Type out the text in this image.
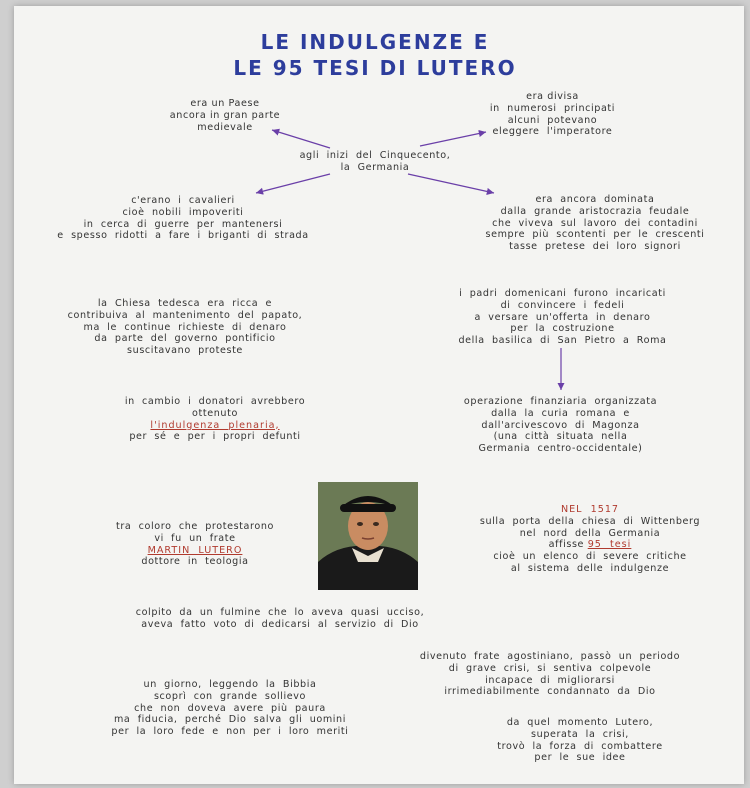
LE INDULGENZE E
LE 95 TESI DI LUTERO
agli  inizi  del  Cinquecento,
la  Germania
era un Paese
ancora in gran parte
medievale
era divisa
in  numerosi  principati
alcuni  potevano
eleggere  l'imperatore
c'erano  i  cavalieri
cioè  nobili  impoveriti
in  cerca  di  guerre  per  mantenersi
e  spesso  ridotti  a  fare  i  briganti  di  strada
era  ancora  dominata
dalla  grande  aristocrazia  feudale
che  viveva  sul  lavoro  dei  contadini
sempre  più  scontenti  per  le  crescenti
tasse  pretese  dei  loro  signori
la  Chiesa  tedesca  era  ricca  e
contribuiva  al  mantenimento  del  papato,
ma  le  continue  richieste  di  denaro
da  parte  del  governo  pontificio
suscitavano  proteste
i  padri  domenicani  furono  incaricati
di  convincere  i  fedeli
a  versare  un'offerta  in  denaro
per  la  costruzione
della  basilica  di  San  Pietro  a  Roma
in  cambio  i  donatori  avrebbero
ottenuto
l'indulgenza  plenaria,
per  sé  e  per  i  propri  defunti
operazione  finanziaria  organizzata
dalla  la  curia  romana  e
dall'arcivescovo  di  Magonza
(una  città  situata  nella
Germania  centro-occidentale)
tra  coloro  che  protestarono
vi  fu  un  frate
MARTIN  LUTERO
dottore  in  teologia
NEL  1517
sulla  porta  della  chiesa  di  Wittenberg
nel  nord  della  Germania
affisse 95  tesi
cioè  un  elenco  di  severe  critiche
al  sistema  delle  indulgenze
colpito  da  un  fulmine  che  lo  aveva  quasi  ucciso,
aveva  fatto  voto  di  dedicarsi  al  servizio  di  Dio
divenuto  frate  agostiniano,  passò  un  periodo
di  grave  crisi,  si  sentiva  colpevole
incapace  di  migliorarsi
irrimediabilmente  condannato  da  Dio
un  giorno,  leggendo  la  Bibbia
scoprì  con  grande  sollievo
che  non  doveva  avere  più  paura
ma  fiducia,  perché  Dio  salva  gli  uomini
per  la  loro  fede  e  non  per  i  loro  meriti
da  quel  momento  Lutero,
superata  la  crisi,
trovò  la  forza  di  combattere
per  le  sue  idee
